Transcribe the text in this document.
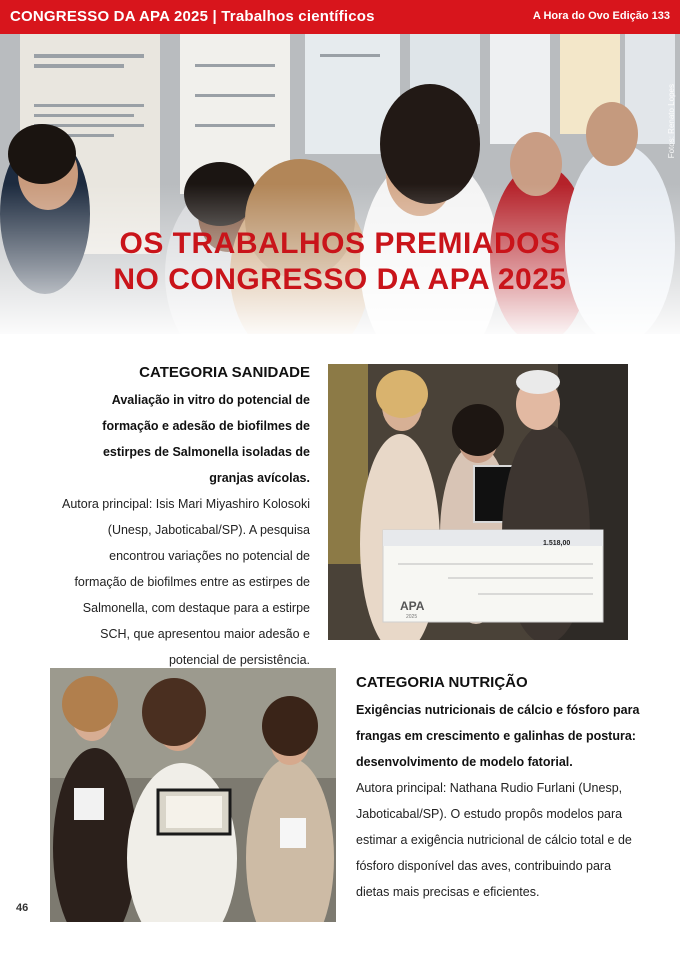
CONGRESSO DA APA 2025 | Trabalhos científicos	A Hora do Ovo Edição 133
Fotos: Renato Lopes
OS TRABALHOS PREMIADOS
NO CONGRESSO DA APA 2025
CATEGORIA SANIDADE
Avaliação in vitro do potencial de formação e adesão de biofilmes de estirpes de Salmonella isoladas de granjas avícolas.
Autora principal: Isis Mari Miyashiro Kolosoki (Unesp, Jaboticabal/SP). A pesquisa encontrou variações no potencial de formação de biofilmes entre as estirpes de Salmonella, com destaque para a estirpe SCH, que apresentou maior adesão e potencial de persistência.
1.518,00
APA
2025
CATEGORIA NUTRIÇÃO
Exigências nutricionais de cálcio e fósforo para frangas em crescimento e galinhas de postura: desenvolvimento de modelo fatorial.
Autora principal: Nathana Rudio Furlani (Unesp, Jaboticabal/SP). O estudo propôs modelos para estimar a exigência nutricional de cálcio total e de fósforo disponível das aves, contribuindo para dietas mais precisas e eficientes.
46
